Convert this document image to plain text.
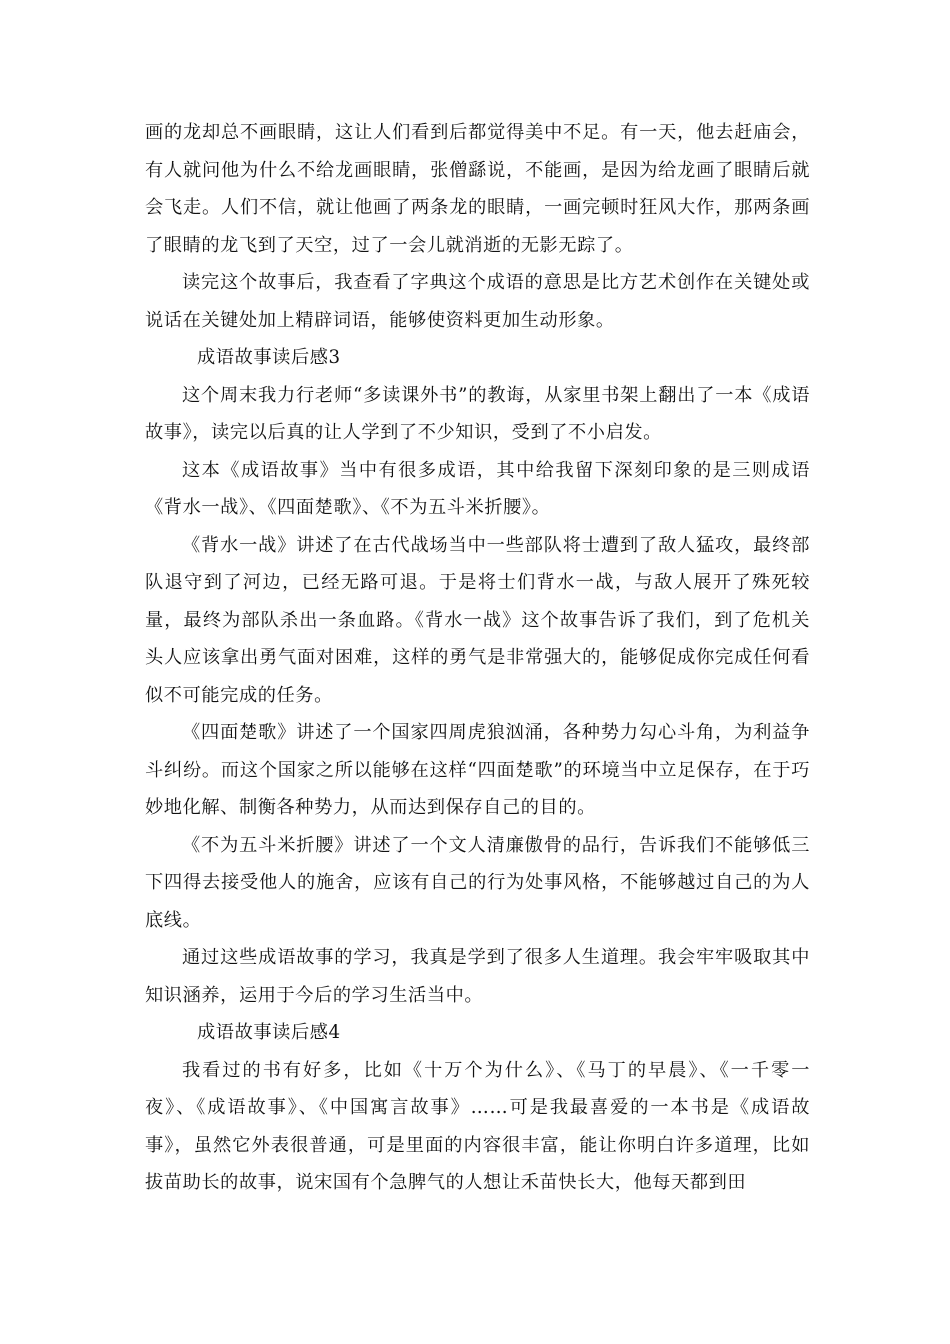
画的龙却总不画眼睛，这让人们看到后都觉得美中不足。有一天，他去赶庙会，有人就问他为什么不给龙画眼睛，张僧繇说，不能画，是因为给龙画了眼睛后就会飞走。人们不信，就让他画了两条龙的眼睛，一画完顿时狂风大作，那两条画了眼睛的龙飞到了天空，过了一会儿就消逝的无影无踪了。

读完这个故事后，我查看了字典这个成语的意思是比方艺术创作在关键处或说话在关键处加上精辟词语，能够使资料更加生动形象。

成语故事读后感3

这个周末我力行老师“多读课外书”的教诲，从家里书架上翻出了一本《成语故事》，读完以后真的让人学到了不少知识，受到了不小启发。

这本《成语故事》当中有很多成语，其中给我留下深刻印象的是三则成语《背水一战》、《四面楚歌》、《不为五斗米折腰》。

《背水一战》讲述了在古代战场当中一些部队将士遭到了敌人猛攻，最终部队退守到了河边，已经无路可退。于是将士们背水一战，与敌人展开了殊死较量，最终为部队杀出一条血路。《背水一战》这个故事告诉了我们，到了危机关头人应该拿出勇气面对困难，这样的勇气是非常强大的，能够促成你完成任何看似不可能完成的任务。

《四面楚歌》讲述了一个国家四周虎狼汹涌，各种势力勾心斗角，为利益争斗纠纷。而这个国家之所以能够在这样“四面楚歌”的环境当中立足保存，在于巧妙地化解、制衡各种势力，从而达到保存自己的目的。

《不为五斗米折腰》讲述了一个文人清廉傲骨的品行，告诉我们不能够低三下四得去接受他人的施舍，应该有自己的行为处事风格，不能够越过自己的为人底线。

通过这些成语故事的学习，我真是学到了很多人生道理。我会牢牢吸取其中知识涵养，运用于今后的学习生活当中。

成语故事读后感4

我看过的书有好多，比如《十万个为什么》、《马丁的早晨》、《一千零一夜》、《成语故事》、《中国寓言故事》……可是我最喜爱的一本书是《成语故事》，虽然它外表很普通，可是里面的内容很丰富，能让你明白许多道理，比如拔苗助长的故事，说宋国有个急脾气的人想让禾苗快长大，他每天都到田
